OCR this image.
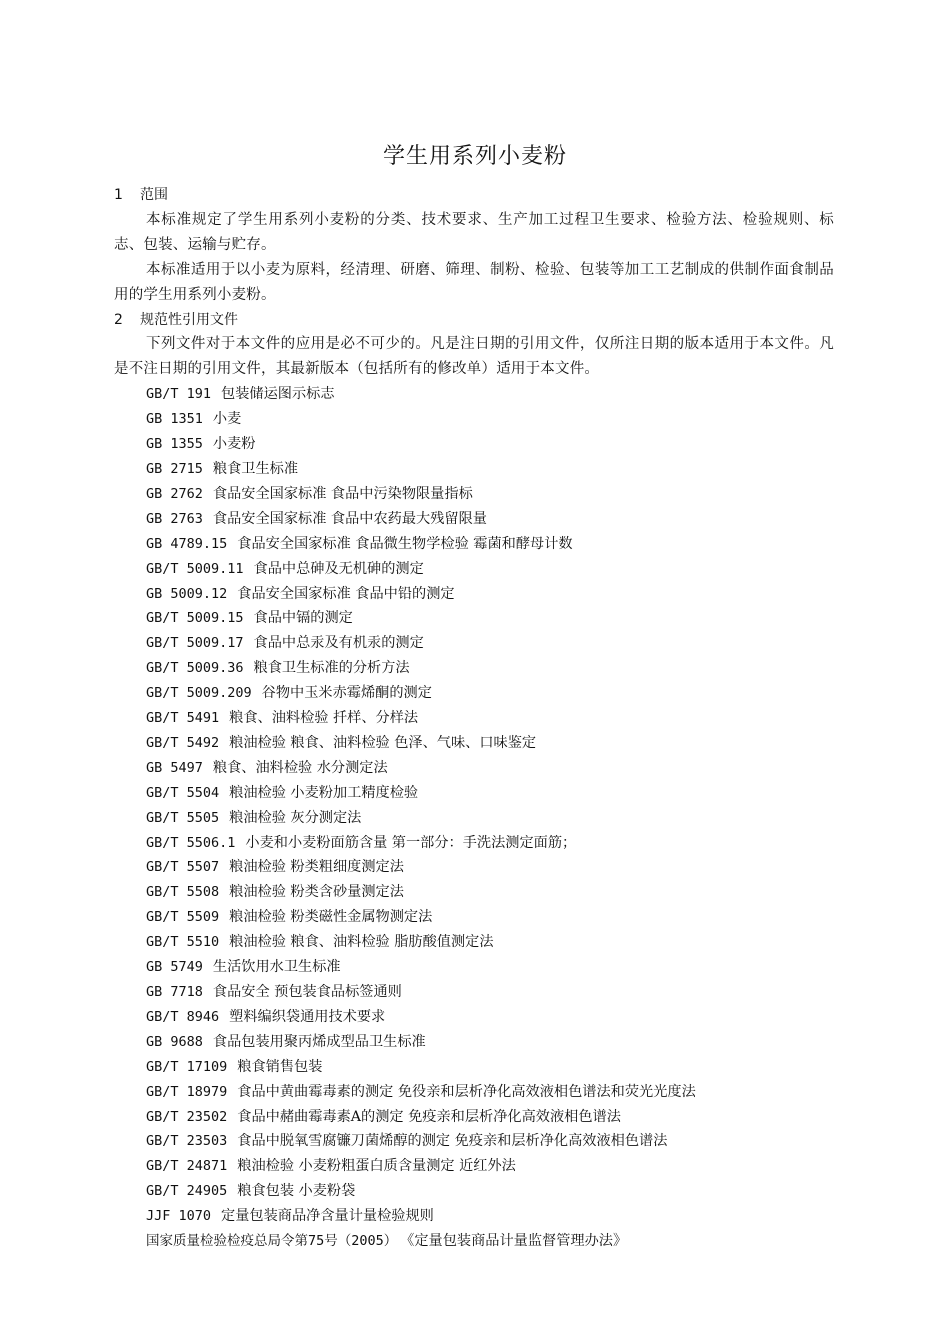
学生用系列小麦粉
1 范围
本标准规定了学生用系列小麦粉的分类、技术要求、生产加工过程卫生要求、检验方法、检验规则、标志、包装、运输与贮存。
本标准适用于以小麦为原料，经清理、研磨、筛理、制粉、检验、包装等加工工艺制成的供制作面食制品用的学生用系列小麦粉。
2 规范性引用文件
下列文件对于本文件的应用是必不可少的。凡是注日期的引用文件，仅所注日期的版本适用于本文件。凡是不注日期的引用文件，其最新版本（包括所有的修改单）适用于本文件。
GB/T 191 包装储运图示标志
GB 1351 小麦
GB 1355 小麦粉
GB 2715 粮食卫生标准
GB 2762 食品安全国家标准 食品中污染物限量指标
GB 2763 食品安全国家标准 食品中农药最大残留限量
GB 4789.15 食品安全国家标准 食品微生物学检验 霉菌和酵母计数
GB/T 5009.11 食品中总砷及无机砷的测定
GB 5009.12 食品安全国家标准 食品中铅的测定
GB/T 5009.15 食品中镉的测定
GB/T 5009.17 食品中总汞及有机汞的测定
GB/T 5009.36 粮食卫生标准的分析方法
GB/T 5009.209 谷物中玉米赤霉烯酮的测定
GB/T 5491 粮食、油料检验 扦样、分样法
GB/T 5492 粮油检验 粮食、油料检验 色泽、气味、口味鉴定
GB 5497 粮食、油料检验 水分测定法
GB/T 5504 粮油检验 小麦粉加工精度检验
GB/T 5505 粮油检验 灰分测定法
GB/T 5506.1 小麦和小麦粉面筋含量 第一部分：手洗法测定面筋；
GB/T 5507 粮油检验 粉类粗细度测定法
GB/T 5508 粮油检验 粉类含砂量测定法
GB/T 5509 粮油检验 粉类磁性金属物测定法
GB/T 5510 粮油检验 粮食、油料检验 脂肪酸值测定法
GB 5749 生活饮用水卫生标准
GB 7718 食品安全 预包装食品标签通则
GB/T 8946 塑料编织袋通用技术要求
GB 9688 食品包装用聚丙烯成型品卫生标准
GB/T 17109 粮食销售包装
GB/T 18979 食品中黄曲霉毒素的测定 免役亲和层析净化高效液相色谱法和荧光光度法
GB/T 23502 食品中赭曲霉毒素A的测定 免疫亲和层析净化高效液相色谱法
GB/T 23503 食品中脱氧雪腐镰刀菌烯醇的测定 免疫亲和层析净化高效液相色谱法
GB/T 24871 粮油检验 小麦粉粗蛋白质含量测定 近红外法
GB/T 24905 粮食包装 小麦粉袋
JJF 1070 定量包装商品净含量计量检验规则
国家质量检验检疫总局令第75号（2005） 《定量包装商品计量监督管理办法》
